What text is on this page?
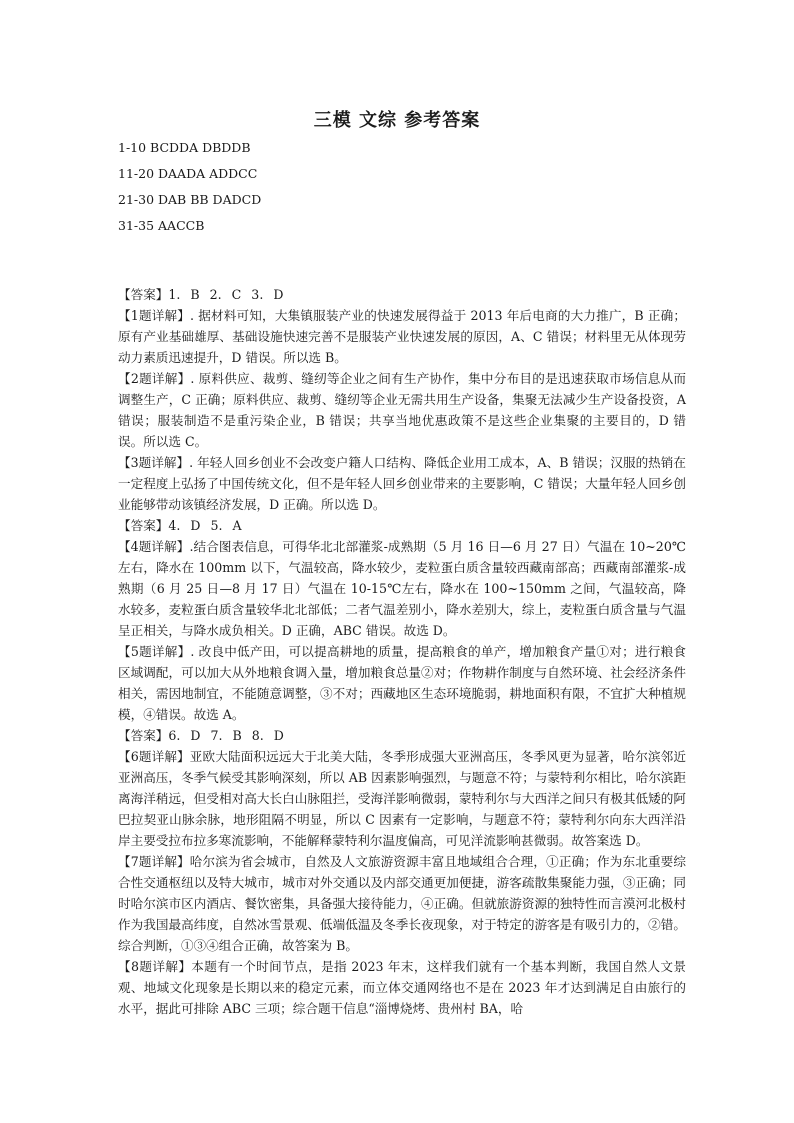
三模 文综 参考答案
1-10 BCDDA DBDDB
11-20 DAADA ADDCC
21-30 DAB BB DADCD
31-35 AACCB

【答案】1. B 2. C 3. D

【1题详解】. 据材料可知，大集镇服装产业的快速发展得益于 2013 年后电商的大力推广，B 正确；原有产业基础雄厚、基础设施快速完善不是服装产业快速发展的原因，A、C 错误；材料里无从体现劳动力素质迅速提升，D 错误。所以选 B。

【2题详解】. 原料供应、裁剪、缝纫等企业之间有生产协作，集中分布目的是迅速获取市场信息从而调整生产，C 正确；原料供应、裁剪、缝纫等企业无需共用生产设备，集聚无法减少生产设备投资，A 错误；服装制造不是重污染企业，B 错误；共享当地优惠政策不是这些企业集聚的主要目的，D 错误。所以选 C。

【3题详解】. 年轻人回乡创业不会改变户籍人口结构、降低企业用工成本，A、B 错误；汉服的热销在一定程度上弘扬了中国传统文化，但不是年轻人回乡创业带来的主要影响，C 错误；大量年轻人回乡创业能够带动该镇经济发展，D 正确。所以选 D。

【答案】4. D 5. A

【4题详解】.结合图表信息，可得华北北部灌浆-成熟期（5 月 16 日—6 月 27 日）气温在 10~20℃左右，降水在 100mm 以下，气温较高，降水较少，麦粒蛋白质含量较西藏南部高；西藏南部灌浆-成熟期（6 月 25 日—8 月 17 日）气温在 10-15℃左右，降水在 100~150mm 之间，气温较高，降水较多，麦粒蛋白质含量较华北北部低；二者气温差别小，降水差别大，综上，麦粒蛋白质含量与气温呈正相关，与降水成负相关。D 正确，ABC 错误。故选 D。

【5题详解】. 改良中低产田，可以提高耕地的质量，提高粮食的单产，增加粮食产量①对；进行粮食区域调配，可以加大从外地粮食调入量，增加粮食总量②对；作物耕作制度与自然环境、社会经济条件相关，需因地制宜，不能随意调整，③不对；西藏地区生态环境脆弱，耕地面积有限，不宜扩大种植规模，④错误。故选 A。

【答案】6. D 7. B 8. D

【6题详解】亚欧大陆面积远远大于北美大陆，冬季形成强大亚洲高压，冬季风更为显著，哈尔滨邻近亚洲高压，冬季气候受其影响深刻，所以 AB 因素影响强烈，与题意不符；与蒙特利尔相比，哈尔滨距离海洋稍远，但受相对高大长白山脉阻拦，受海洋影响微弱，蒙特利尔与大西洋之间只有极其低矮的阿巴拉契亚山脉余脉，地形阻隔不明显，所以 C 因素有一定影响，与题意不符；蒙特利尔向东大西洋沿岸主要受拉布拉多寒流影响，不能解释蒙特利尔温度偏高，可见洋流影响甚微弱。故答案选 D。

【7题详解】哈尔滨为省会城市，自然及人文旅游资源丰富且地域组合合理，①正确；作为东北重要综合性交通枢纽以及特大城市，城市对外交通以及内部交通更加便捷，游客疏散集聚能力强，③正确；同时哈尔滨市区内酒店、餐饮密集，具备强大接待能力，④正确。但就旅游资源的独特性而言漠河北极村作为我国最高纬度，自然冰雪景观、低端低温及冬季长夜现象，对于特定的游客是有吸引力的，②错。综合判断，①③④组合正确，故答案为 B。

【8题详解】本题有一个时间节点，是指 2023 年末，这样我们就有一个基本判断，我国自然人文景观、地域文化现象是长期以来的稳定元素，而立体交通网络也不是在 2023 年才达到满足自由旅行的水平，据此可排除 ABC 三项；综合题干信息“淄博烧烤、贵州村 BA，哈
